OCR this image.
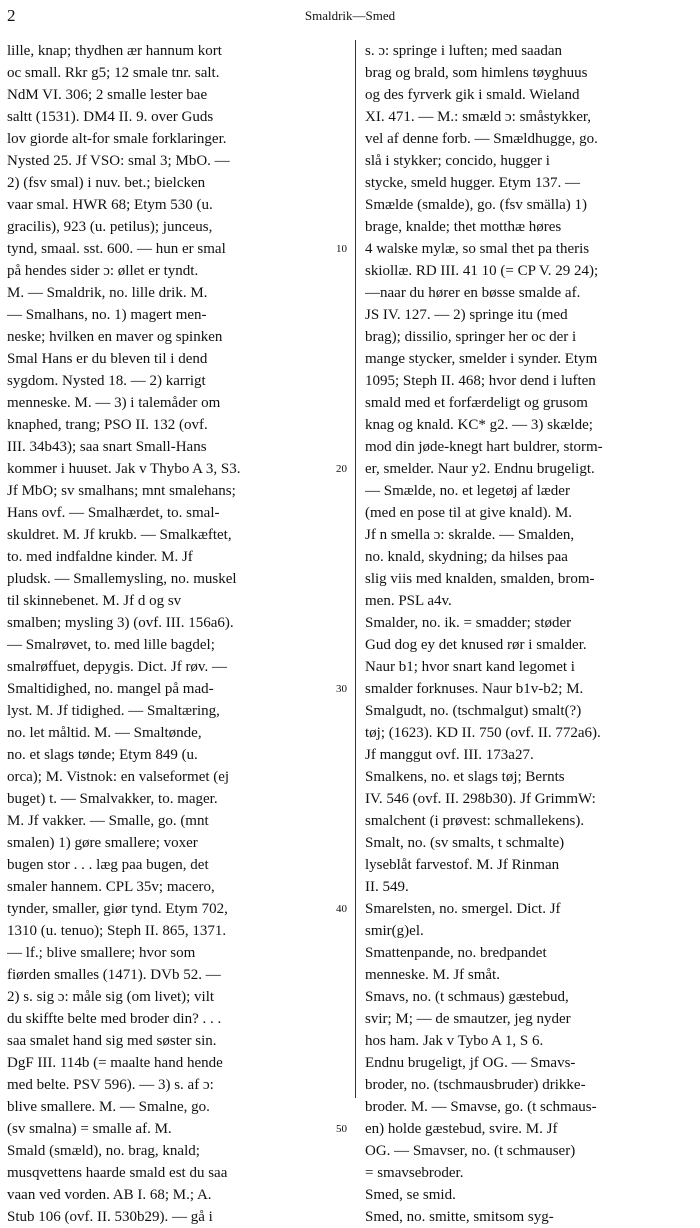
2	Smaldrik—Smed
lille, knap; thydhen ær hannum kort
oc small. Rkr g5; 12 smale tnr. salt.
NdM VI. 306; 2 smalle lester bae
saltt (1531). DM4 II. 9. over Guds
lov giorde alt-for smale forklaringer.
Nysted 25. Jf VSO: smal 3; MbO. —
2) (fsv smal) i nuv. bet.; bielcken
vaar smal. HWR 68; Etym 530 (u.
gracilis), 923 (u. petilus); junceus,
tynd, smaal. sst. 600. — hun er smal
på hendes sider ɔ: øllet er tyndt.
M. — Smaldrik, no. lille drik. M.
— Smalhans, no. 1) magert men-
neske; hvilken en maver og spinken
Smal Hans er du bleven til i dend
sygdom. Nysted 18. — 2) karrigt
menneske. M. — 3) i talemåder om
knaphed, trang; PSO II. 132 (ovf.
III. 34b43); saa snart Small-Hans
kommer i huuset. Jak v Thybo A 3, S3.
Jf MbO; sv smalhans; mnt smalehans;
Hans ovf. — Smalhærdet, to. smal-
skuldret. M. Jf krukb. — Smalkæftet,
to. med indfaldne kinder. M. Jf
pludsk. — Smallemysling, no. muskel
til skinnebenet. M. Jf d og sv
smalben; mysling 3) (ovf. III. 156a6).
— Smalrøvet, to. med lille bagdel;
smalrøffuet, depygis. Dict. Jf røv. —
Smaltidighed, no. mangel på mad-
lyst. M. Jf tidighed. — Smaltæring,
no. let måltid. M. — Smaltønde,
no. et slags tønde; Etym 849 (u.
orca); M. Vistnok: en valseformet (ej
buget) t. — Smalvakker, to. mager.
M. Jf vakker. — Smalle, go. (mnt
smalen) 1) gøre smallere; voxer
bugen stor . . . læg paa bugen, det
smaler hannem. CPL 35v; macero,
tynder, smaller, giør tynd. Etym 702,
1310 (u. tenuo); Steph II. 865, 1371.
— lf.; blive smallere; hvor som
fiørden smalles (1471). DVb 52. —
2) s. sig ɔ: måle sig (om livet); vilt
du skiffte belte med broder din? . . .
saa smalet hand sig med søster sin.
DgF III. 114b (= maalte hand hende
med belte. PSV 596). — 3) s. af ɔ:
blive smallere. M. — Smalne, go.
(sv smalna) = smalle af. M.
Smald (smæld), no. brag, knald;
musqvettens haarde smald est du saa
vaan ved vorden. AB I. 68; M.; A.
Stub 106 (ovf. II. 530b29). — gå i
10
20
30
40
50
s. ɔ: springe i luften; med saadan
brag og brald, som himlens tøyghuus
og des fyrverk gik i smald. Wieland
XI. 471. — M.: smæld ɔ: småstykker,
vel af denne forb. — Smældhugge, go.
slå i stykker; concido, hugger i
stycke, smeld hugger. Etym 137. —
Smælde (smalde), go. (fsv smälla) 1)
brage, knalde; thet motthæ høres
4 walske mylæ, so smal thet pa theris
skiollæ. RD III. 41 10 (= CP V. 29 24);
—naar du hører en bøsse smalde af.
JS IV. 127. — 2) springe itu (med
brag); dissilio, springer her oc der i
mange stycker, smelder i synder. Etym
1095; Steph II. 468; hvor dend i luften
smald med et forfærdeligt og grusom
knag og knald. KC* g2. — 3) skælde;
mod din jøde-knegt hart buldrer, storm-
er, smelder. Naur y2. Endnu brugeligt.
— Smælde, no. et legetøj af læder
(med en pose til at give knald). M.
Jf n smella ɔ: skralde. — Smalden,
no. knald, skydning; da hilses paa
slig viis med knalden, smalden, brom-
men. PSL a4v.
Smalder, no. ik. = smadder; støder
Gud dog ey det knused rør i smalder.
Naur b1; hvor snart kand legomet i
smalder forknuses. Naur b1v-b2; M.
Smalgudt, no. (tschmalgut) smalt(?)
tøj; (1623). KD II. 750 (ovf. II. 772a6).
Jf manggut ovf. III. 173a27.
Smalkens, no. et slags tøj; Bernts
IV. 546 (ovf. II. 298b30). Jf GrimmW:
smalchent (i prøvest: schmallekens).
Smalt, no. (sv smalts, t schmalte)
lyseblåt farvestof. M. Jf Rinman
II. 549.
Smarelsten, no. smergel. Dict. Jf
smir(g)el.
Smattenpande, no. bredpandet
menneske. M. Jf småt.
Smavs, no. (t schmaus) gæstebud,
svir; M; — de smautzer, jeg nyder
hos ham. Jak v Tybo A 1, S 6.
Endnu brugeligt, jf OG. — Smavs-
broder, no. (tschmausbruder) drikke-
broder. M. — Smavse, go. (t schmaus-
en) holde gæstebud, svire. M. Jf
OG. — Smavser, no. (t schmauser)
= smavsebroder.
Smed, se smid.
Smed, no. smitte, smitsom syg-
